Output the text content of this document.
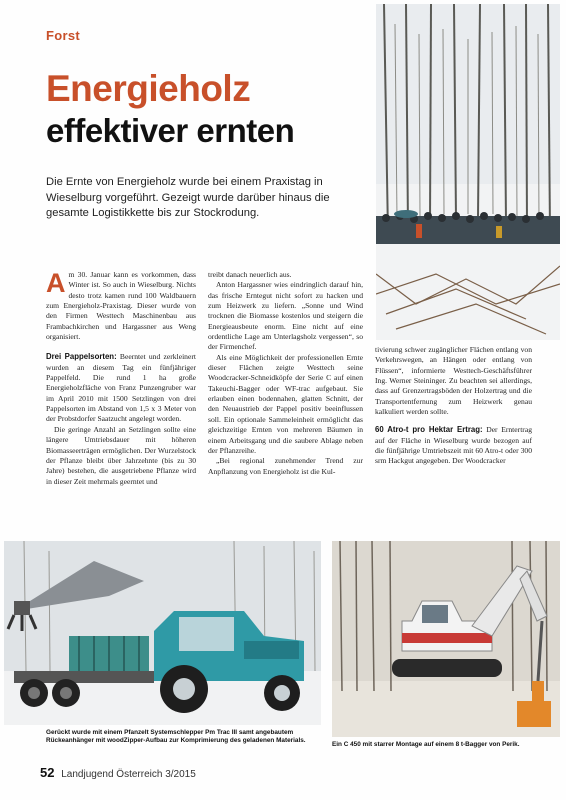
Forst
Energieholz
effektiver ernten
Die Ernte von Energieholz wurde bei einem Praxistag in Wieselburg vorgeführt. Gezeigt wurde darüber hinaus die gesamte Logistikkette bis zur Stockrodung.

Am 30. Januar kann es vorkommen, dass Winter ist. So auch in Wieselburg. Nichts desto trotz kamen rund 100 Waldbauern zum Energieholz-Praxistag. Dieser wurde von den Firmen Westtech Maschinenbau aus Frambachkirchen und Hargassner aus Weng organisiert.

Drei Pappelsorten: Beerntet und zerkleinert wurden an diesem Tag ein fünfjähriger Pappelfeld. Die rund 1 ha große Energieholzfläche von Franz Punzengruber war im April 2010 mit 1500 Setzlingen von drei Pappelsorten im Abstand von 1,5 x 3 Meter von der Probstdorfer Saatzucht angelegt worden.

Die geringe Anzahl an Setzlingen sollte eine längere Umtriebsdauer mit höheren Biomasseerträgen ermöglichen. Der Wurzelstock der Pflanze bleibt über Jahrzehnte (bis zu 30 Jahre) bestehen, die ausgetriebene Pflanze wird in dieser Zeit mehrmals geerntet und

treibt danach neuerlich aus.

Anton Hargassner wies eindringlich darauf hin, das frische Erntegut nicht sofort zu hacken und zum Heizwerk zu liefern. „Sonne und Wind trocknen die Biomasse kostenlos und steigern die Energieausbeute enorm. Eine nicht auf eine ordentliche Lage am Unterlagsholz vergessen“, so der Firmenchef.

Als eine Möglichkeit der professionellen Ernte dieser Flächen zeigte Westtech seine Woodcracker-Schneidköpfe der Serie C auf einen Takeuchi-Bagger oder WF-trac aufgebaut. Sie erlauben einen bodennahen, glatten Schnitt, der den Neuaustrieb der Pappel positiv beeinflussen soll. Ein optionale Sammeleinheit ermöglicht das gleichzeitige Ernten von mehreren Bäumen in einem Arbeitsgang und die saubere Ablage neben der Pflanzreihe.

„Bei regional zunehmender Trend zur Anpflanzung von Energieholz ist die Kul-

tivierung schwer zugänglicher Flächen entlang von Verkehrswegen, an Hängen oder entlang von Flüssen“, informierte Westtech-Geschäftsführer Ing. Werner Steininger. Zu beachten sei allerdings, dass auf Grenzertragsböden der Holzertrag und die Transportentfernung zum Heizwerk genau kalkuliert werden sollte.

60 Atro-t pro Hektar Ertrag: Der Erntertrag auf der Fläche in Wieselburg wurde bezogen auf die fünfjährige Umtriebszeit mit 60 Atro-t oder 300 srm Hackgut angegeben. Der Woodcracker

Gerückt wurde mit einem Pfanzelt Systemschlepper Pm Trac III samt angebautem Rückeanhänger mit woodZipper-Aufbau zur Komprimierung des geladenen Materials.
Ein C 450 mit starrer Montage auf einem 8 t-Bagger von Perik.
52 Landjugend Österreich 3/2015
